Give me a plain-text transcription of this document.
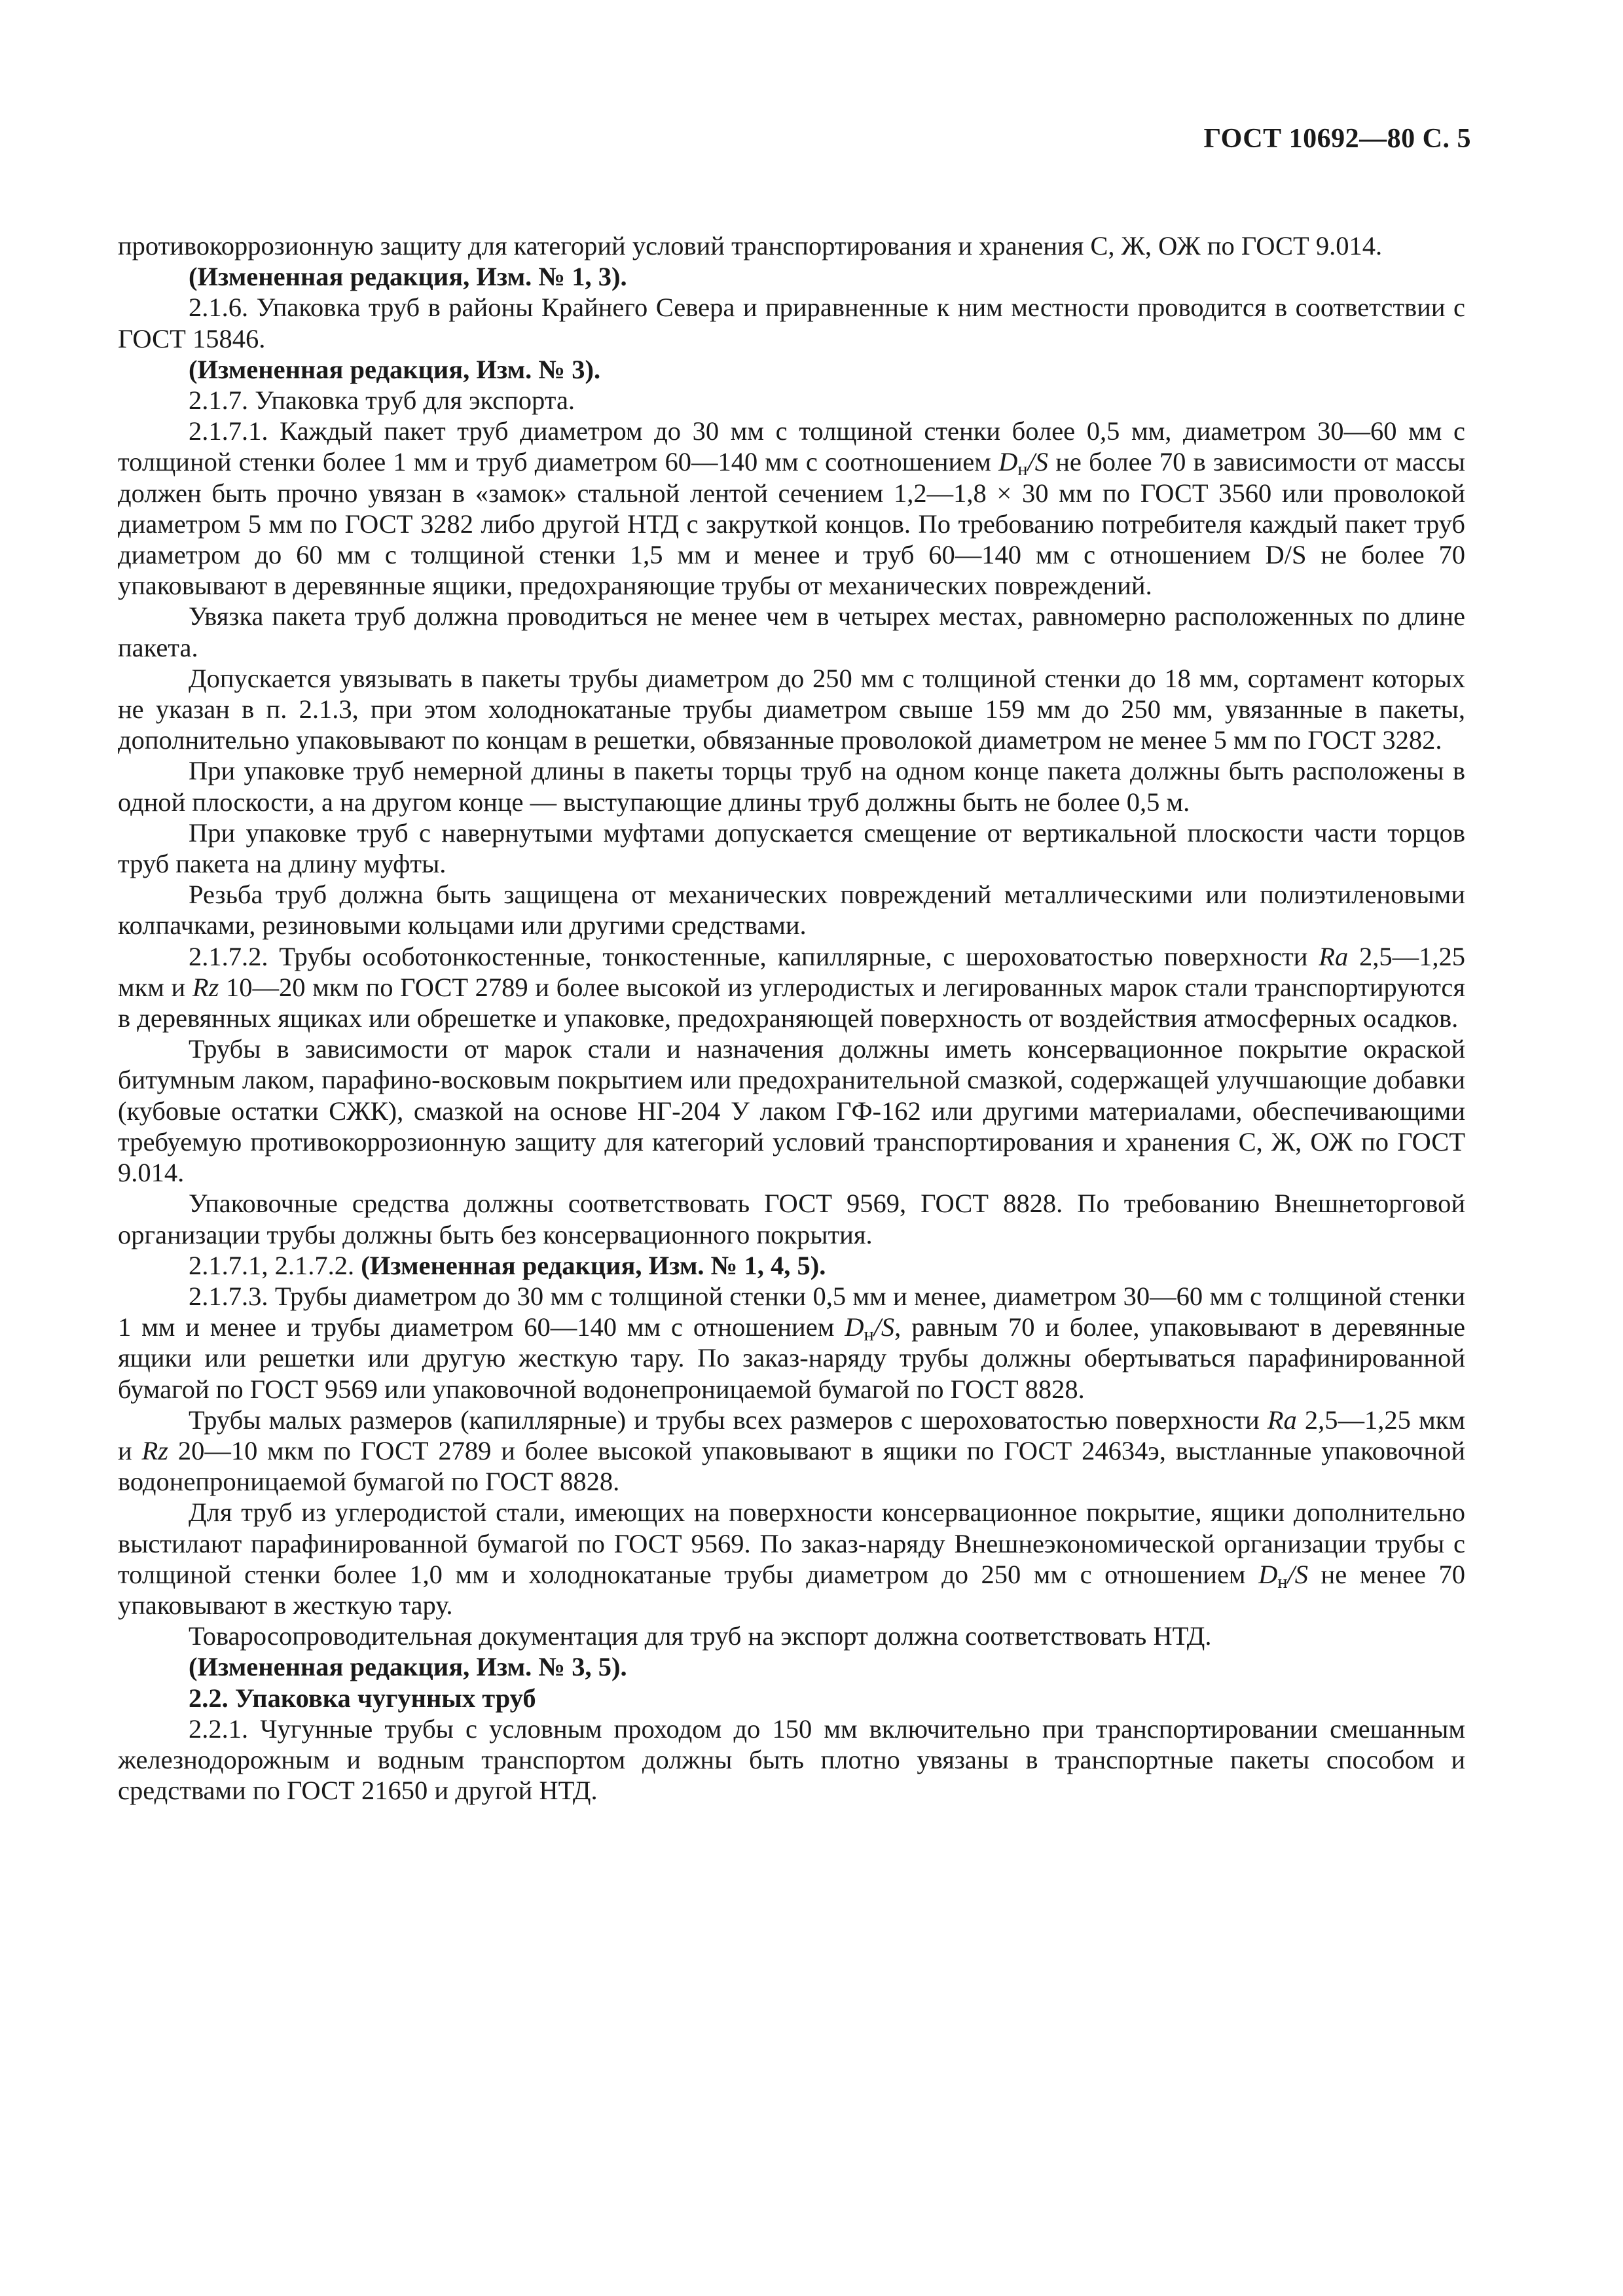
ГОСТ 10692—80 С. 5

противокоррозионную защиту для категорий условий транспортирования и хранения С, Ж, ОЖ по ГОСТ 9.014.

(Измененная редакция, Изм. № 1, 3).

2.1.6. Упаковка труб в районы Крайнего Севера и приравненные к ним местности проводится в соответствии с ГОСТ 15846.

(Измененная редакция, Изм. № 3).

2.1.7. Упаковка труб для экспорта.

2.1.7.1. Каждый пакет труб диаметром до 30 мм с толщиной стенки более 0,5 мм, диаметром 30—60 мм с толщиной стенки более 1 мм и труб диаметром 60—140 мм с соотношением $D_н/S$ не более 70 в зависимости от массы должен быть прочно увязан в «замок» стальной лентой сечением 1,2—1,8 × 30 мм по ГОСТ 3560 или проволокой диаметром 5 мм по ГОСТ 3282 либо другой НТД с закруткой концов. По требованию потребителя каждый пакет труб диаметром до 60 мм с толщиной стенки 1,5 мм и менее и труб 60—140 мм с отношением D/S не более 70 упаковывают в деревянные ящики, предохраняющие трубы от механических повреждений.

Увязка пакета труб должна проводиться не менее чем в четырех местах, равномерно расположенных по длине пакета.

Допускается увязывать в пакеты трубы диаметром до 250 мм с толщиной стенки до 18 мм, сортамент которых не указан в п. 2.1.3, при этом холоднокатаные трубы диаметром свыше 159 мм до 250 мм, увязанные в пакеты, дополнительно упаковывают по концам в решетки, обвязанные проволокой диаметром не менее 5 мм по ГОСТ 3282.

При упаковке труб немерной длины в пакеты торцы труб на одном конце пакета должны быть расположены в одной плоскости, а на другом конце — выступающие длины труб должны быть не более 0,5 м.

При упаковке труб с навернутыми муфтами допускается смещение от вертикальной плоскости части торцов труб пакета на длину муфты.

Резьба труб должна быть защищена от механических повреждений металлическими или полиэтиленовыми колпачками, резиновыми кольцами или другими средствами.

2.1.7.2. Трубы особотонкостенные, тонкостенные, капиллярные, с шероховатостью поверхности Ra 2,5—1,25 мкм и Rz 10—20 мкм по ГОСТ 2789 и более высокой из углеродистых и легированных марок стали транспортируются в деревянных ящиках или обрешетке и упаковке, предохраняющей поверхность от воздействия атмосферных осадков.

Трубы в зависимости от марок стали и назначения должны иметь консервационное покрытие окраской битумным лаком, парафино-восковым покрытием или предохранительной смазкой, содержащей улучшающие добавки (кубовые остатки СЖК), смазкой на основе НГ-204 У лаком ГФ-162 или другими материалами, обеспечивающими требуемую противокоррозионную защиту для категорий условий транспортирования и хранения С, Ж, ОЖ по ГОСТ 9.014.

Упаковочные средства должны соответствовать ГОСТ 9569, ГОСТ 8828. По требованию Внешнеторговой организации трубы должны быть без консервационного покрытия.

2.1.7.1, 2.1.7.2. (Измененная редакция, Изм. № 1, 4, 5).

2.1.7.3. Трубы диаметром до 30 мм с толщиной стенки 0,5 мм и менее, диаметром 30—60 мм с толщиной стенки 1 мм и менее и трубы диаметром 60—140 мм с отношением $D_н/S$, равным 70 и более, упаковывают в деревянные ящики или решетки или другую жесткую тару. По заказ-наряду трубы должны обертываться парафинированной бумагой по ГОСТ 9569 или упаковочной водонепроницаемой бумагой по ГОСТ 8828.

Трубы малых размеров (капиллярные) и трубы всех размеров с шероховатостью поверхности Ra 2,5—1,25 мкм и Rz 20—10 мкм по ГОСТ 2789 и более высокой упаковывают в ящики по ГОСТ 24634э, выстланные упаковочной водонепроницаемой бумагой по ГОСТ 8828.

Для труб из углеродистой стали, имеющих на поверхности консервационное покрытие, ящики дополнительно выстилают парафинированной бумагой по ГОСТ 9569. По заказ-наряду Внешнеэкономической организации трубы с толщиной стенки более 1,0 мм и холоднокатаные трубы диаметром до 250 мм с отношением $D_н/S$ не менее 70 упаковывают в жесткую тару.

Товаросопроводительная документация для труб на экспорт должна соответствовать НТД.

(Измененная редакция, Изм. № 3, 5).

2.2. Упаковка чугунных труб

2.2.1. Чугунные трубы с условным проходом до 150 мм включительно при транспортировании смешанным железнодорожным и водным транспортом должны быть плотно увязаны в транспортные пакеты способом и средствами по ГОСТ 21650 и другой НТД.
